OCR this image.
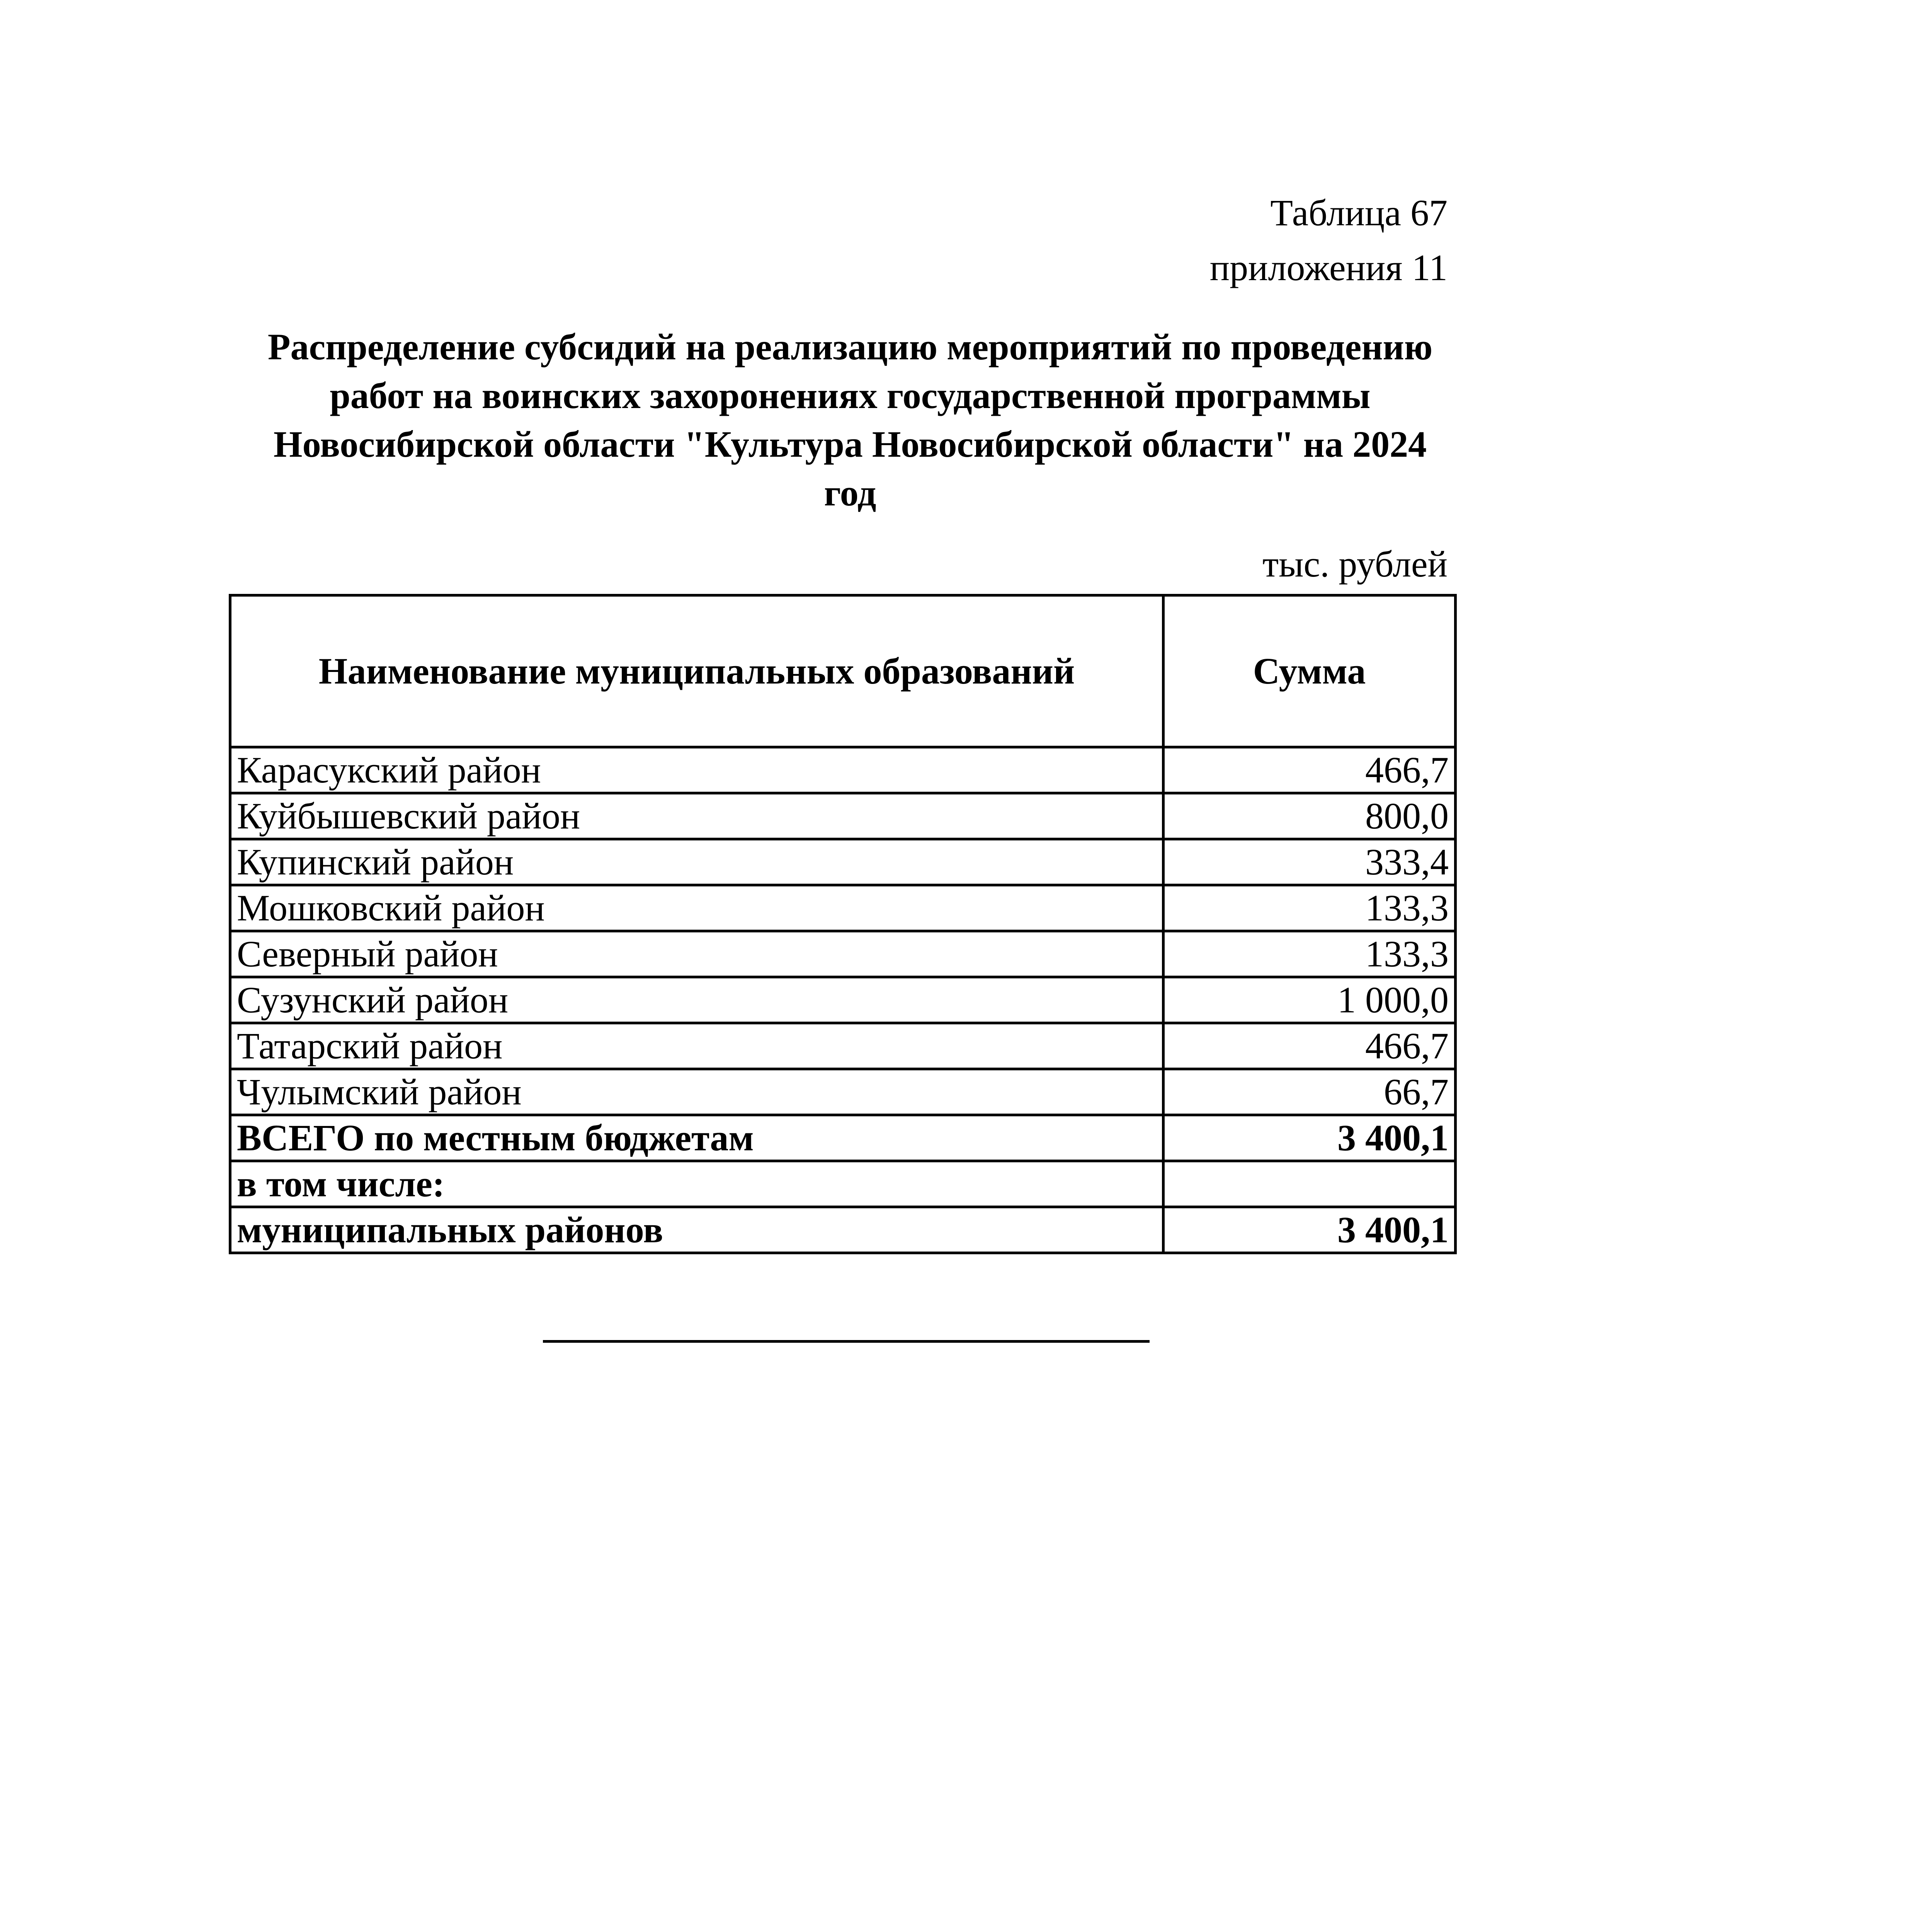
Таблица 67
приложения 11
Распределение субсидий на реализацию мероприятий по проведению работ на воинских захоронениях государственной программы Новосибирской области "Культура Новосибирской области" на 2024 год
тыс. рублей
Наименование муниципальных образований	Сумма
Карасукский район	466,7
Куйбышевский район	800,0
Купинский район	333,4
Мошковский район	133,3
Северный район	133,3
Сузунский район	1 000,0
Татарский район	466,7
Чулымский район	66,7
ВСЕГО по местным бюджетам	3 400,1
в том числе:	
муниципальных районов	3 400,1
